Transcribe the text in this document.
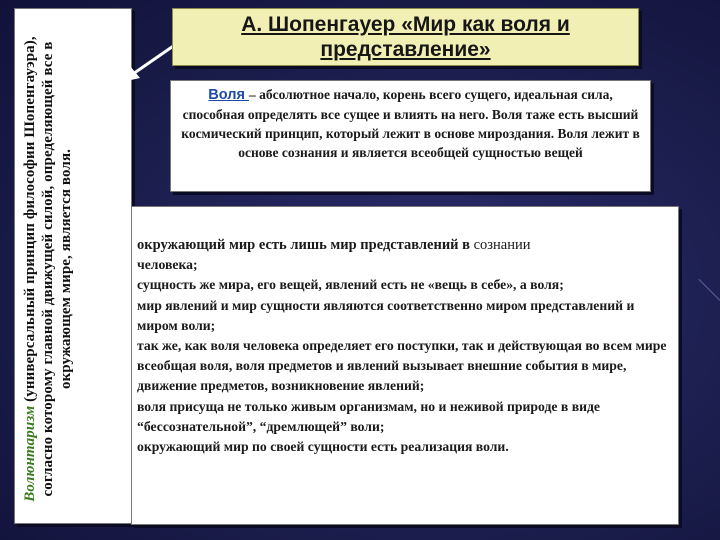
Волюнтаризм (универсальный принцип философии Шопенгауэра), согласно которому главной движущей силой, определяющей все в окружающем мире, является воля.
А. Шопенгауер «Мир как воля и представление»
Воля – абсолютное начало, корень всего сущего, идеальная сила, способная определять все сущее и влиять на него. Воля таже есть высший космический принцип, который лежит в основе мироздания. Воля лежит в основе сознания и является всеобщей сущностью вещей

окружающий мир есть лишь мир представлений в сознании

человека;

сущность же мира, его вещей, явлений есть не «вещь в себе», а воля;

мир явлений и мир сущности являются соответственно миром представлений и миром воли;

так же, как воля человека определяет его поступки, так и действующая во всем мире всеобщая воля, воля предметов и явлений вызывает внешние события в мире, движение предметов, возникновение явлений;

воля присуща не только живым организмам, но и неживой природе в виде “бессознательной”, “дремлющей” воли;

окружающий мир по своей сущности есть реализация воли.
